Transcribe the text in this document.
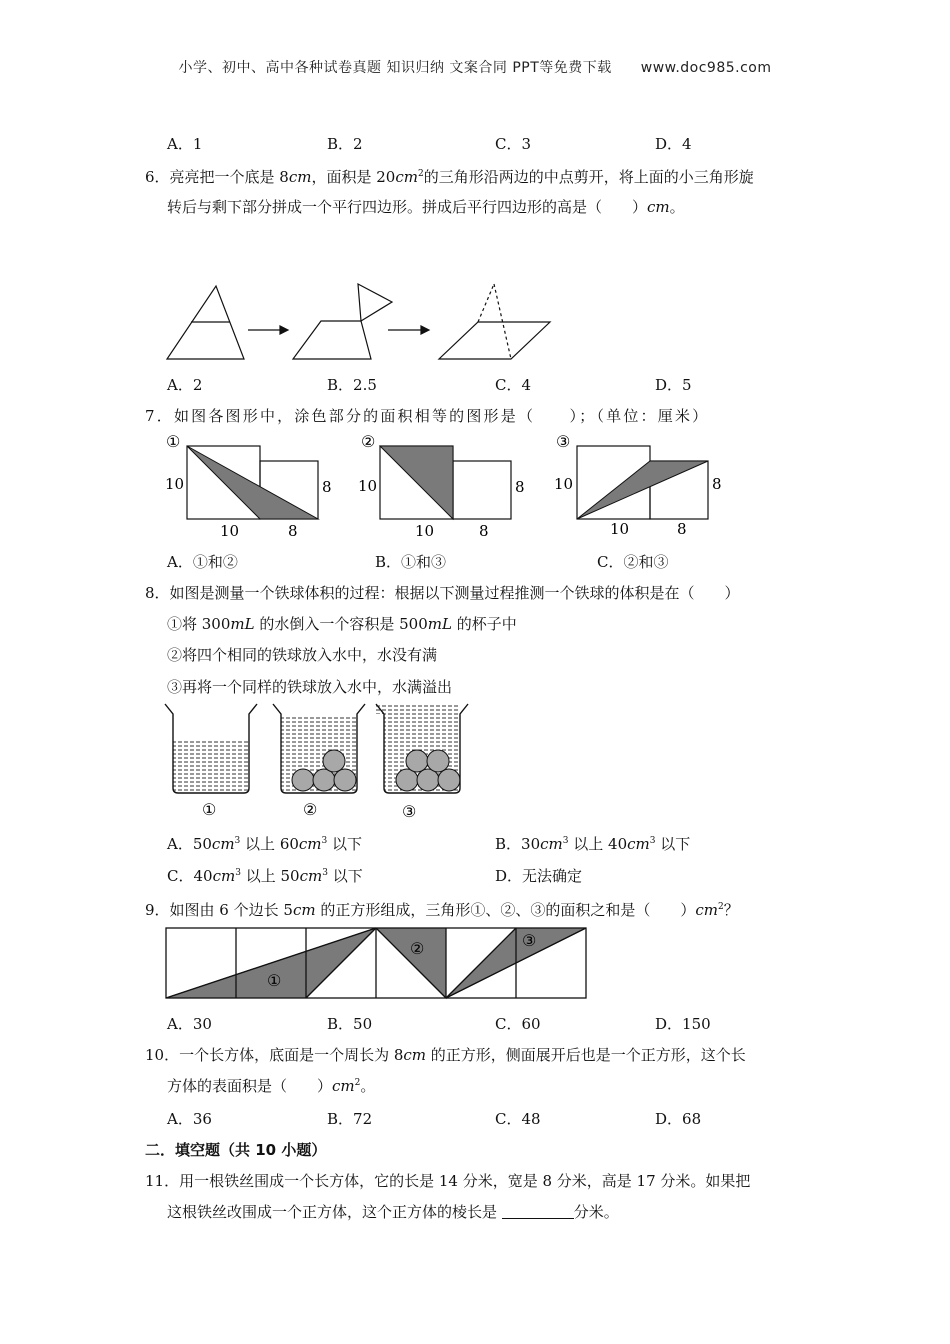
小学、初中、高中各种试卷真题 知识归纳 文案合同 PPT等免费下载 www.doc985.com
A．1	B．2	C．3	D．4
6．亮亮把一个底是 8cm，面积是 $20cm^2$的三角形沿两边的中点剪开，将上面的小三角形旋
转后与剩下部分拼成一个平行四边形。拼成后平行四边形的高是（　　）cm。
A．2	B．2.5	C．4	D．5
7．如图各图形中，涂色部分的面积相等的图形是（　　）；（单位：厘米）
①
10	8
10	8
②
10	8
10	8
③
10	8
10	8
A．①和②	B．①和③	C．②和③
8．如图是测量一个铁球体积的过程：根据以下测量过程推测一个铁球的体积是在（　　）
①将 300mL 的水倒入一个容积是 500mL 的杯子中
②将四个相同的铁球放入水中，水没有满
③再将一个同样的铁球放入水中，水满溢出
①	②	③
A．$50cm^3$ 以上 $60cm^3$ 以下	B．$30cm^3$ 以上 $40cm^3$ 以下
C．$40cm^3$ 以上 $50cm^3$ 以下	D．无法确定
9．如图由 6 个边长 5cm 的正方形组成，三角形①、②、③的面积之和是（　　）$cm^2$？
①
②	③
A．30	B．50	C．60	D．150
10．一个长方体，底面是一个周长为 8cm 的正方形，侧面展开后也是一个正方形，这个长
方体的表面积是（　　）$cm^2$。
A．36	B．72	C．48	D．68
二．填空题（共 10 小题）
11．用一根铁丝围成一个长方体，它的长是 14 分米，宽是 8 分米，高是 17 分米。如果把
这根铁丝改围成一个正方体，这个正方体的棱长是	分米。
